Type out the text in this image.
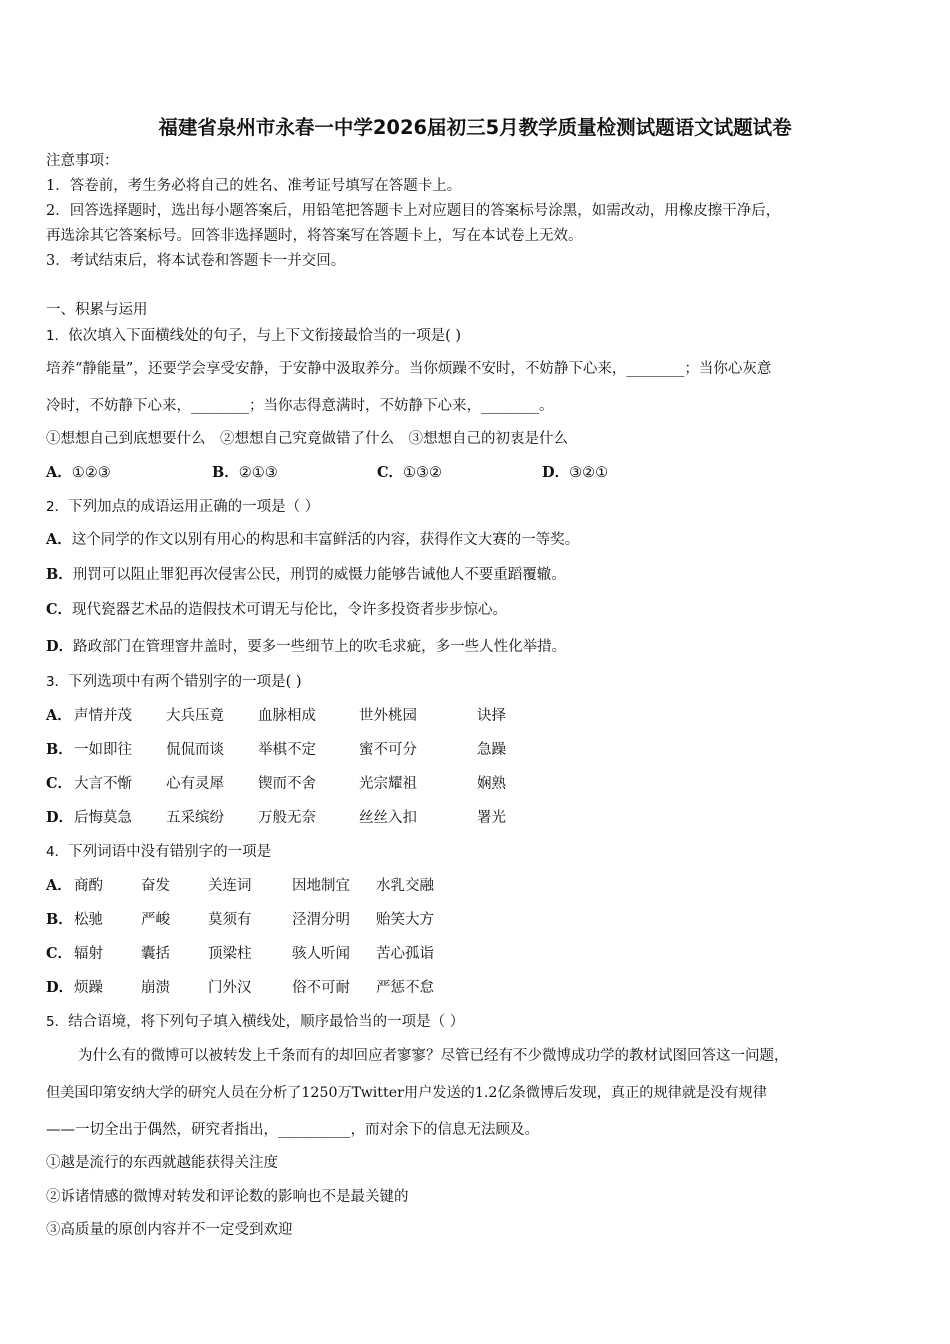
福建省泉州市永春一中学2026届初三5月教学质量检测试题语文试题试卷
注意事项：
1．答卷前，考生务必将自己的姓名、准考证号填写在答题卡上。
2．回答选择题时，选出每小题答案后，用铅笔把答题卡上对应题目的答案标号涂黑，如需改动，用橡皮擦干净后，
再选涂其它答案标号。回答非选择题时，将答案写在答题卡上，写在本试卷上无效。
3．考试结束后，将本试卷和答题卡一并交回。
一、积累与运用
1．依次填入下面横线处的句子，与上下文衔接最恰当的一项是( )
培养“静能量”，还要学会享受安静，于安静中汲取养分。当你烦躁不安时，不妨静下心来，________；当你心灰意
冷时，不妨静下心来，________；当你志得意满时，不妨静下心来，________。
①想想自己到底想要什么　②想想自己究竟做错了什么　③想想自己的初衷是什么
A．①②③	B．②①③	C．①③②	D．③②①
2．下列加点的成语运用正确的一项是（ ）
A．这个同学的作文以别有用心的构思和丰富鲜活的内容，获得作文大赛的一等奖。
B．刑罚可以阻止罪犯再次侵害公民，刑罚的威慑力能够告诫他人不要重蹈覆辙。
C．现代瓷器艺术品的造假技术可谓无与伦比，令许多投资者步步惊心。
D．路政部门在管理窨井盖时，要多一些细节上的吹毛求疵，多一些人性化举措。
3．下列选项中有两个错别字的一项是( )
A． 声情并茂 大兵压竟 血脉相成	世外桃园	诀择
B． 一如即往 侃侃而谈 举棋不定	蜜不可分	急躁
C． 大言不惭 心有灵犀 锲而不舍	光宗耀祖	娴熟
D． 后悔莫急 五采缤纷 万般无奈	丝丝入扣	署光
4．下列词语中没有错别字的一项是
A． 商酌	奋发	关连词	因地制宜 水乳交融
B． 松驰	严峻	莫须有	泾渭分明 贻笑大方
C． 辐射	囊括	顶梁柱	骇人听闻 苦心孤诣
D． 烦躁	崩溃	门外汉	俗不可耐 严惩不怠
5．结合语境，将下列句子填入横线处，顺序最恰当的一项是（ ）
为什么有的微博可以被转发上千条而有的却回应者寥寥？尽管已经有不少微博成功学的教材试图回答这一问题，
但美国印第安纳大学的研究人员在分析了1250万Twitter用户发送的1.2亿条微博后发现，真正的规律就是没有规律
——一切全出于偶然，研究者指出，__________，而对余下的信息无法顾及。
①越是流行的东西就越能获得关注度
②诉诸情感的微博对转发和评论数的影响也不是最关键的
③高质量的原创内容并不一定受到欢迎
